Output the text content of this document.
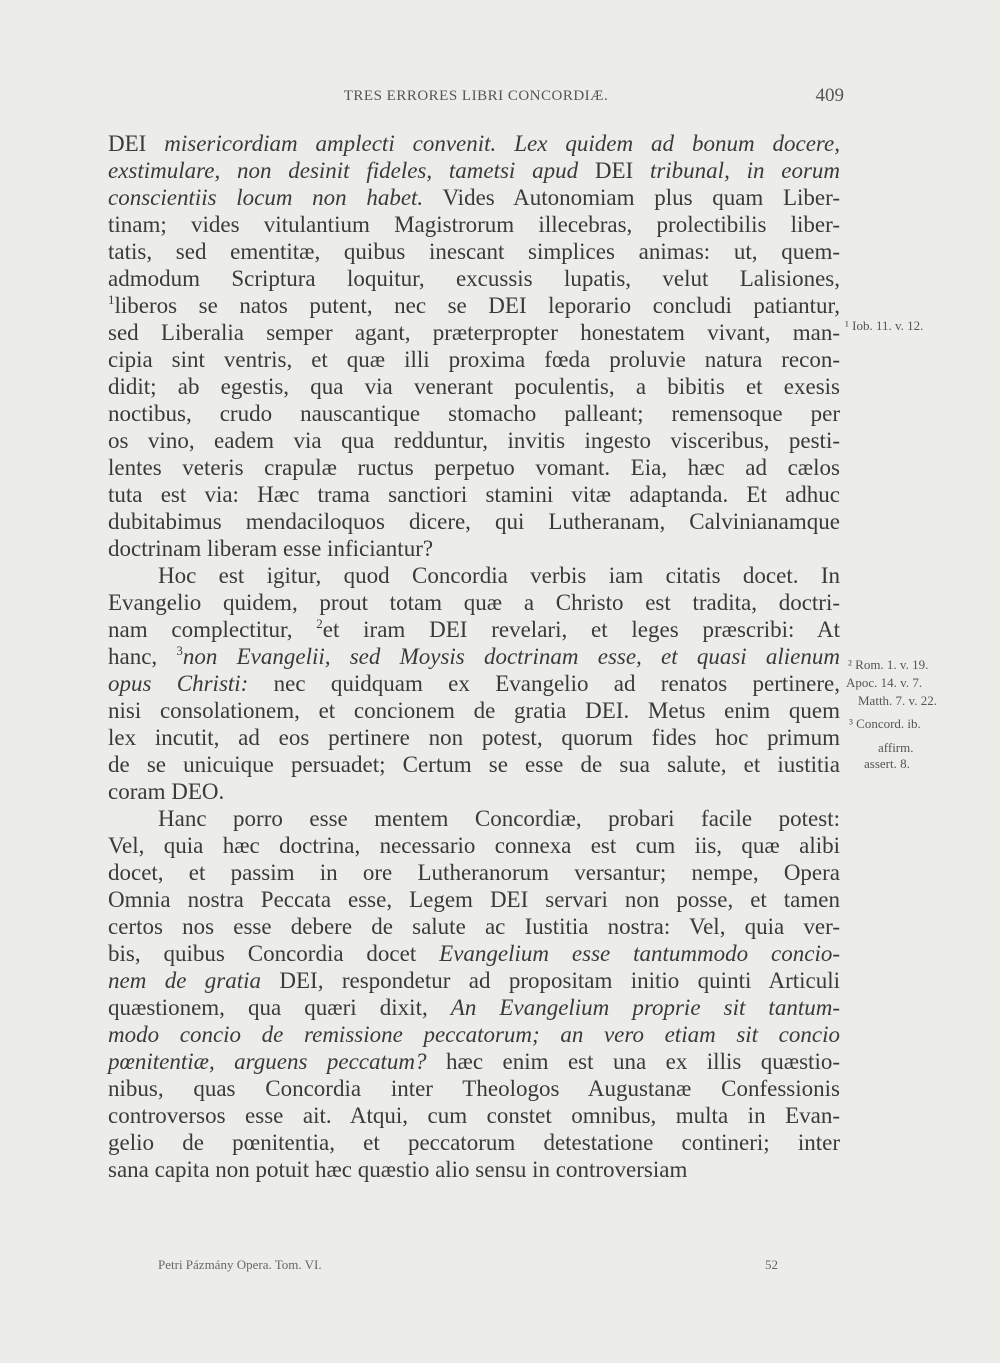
TRES ERRORES LIBRI CONCORDIÆ.	409
DEI misericordiam amplecti convenit. Lex quidem ad bonum docere,
exstimulare, non desinit fideles, tametsi apud DEI tribunal, in eorum
conscientiis locum non habet. Vides Autonomiam plus quam Liber-
tinam; vides vitulantium Magistrorum illecebras, prolectibilis liber-
tatis, sed ementitæ, quibus inescant simplices animas: ut, quem-
admodum Scriptura loquitur, excussis lupatis, velut Lalisiones,
$^1$liberos se natos putent, nec se DEI leporario concludi patiantur,
sed Liberalia semper agant, præterpropter honestatem vivant, man-
cipia sint ventris, et quæ illi proxima fœda proluvie natura recon-
didit; ab egestis, qua via venerant poculentis, a bibitis et exesis
noctibus, crudo nauscantique stomacho palleant; remensoque per
os vino, eadem via qua redduntur, invitis ingesto visceribus, pesti-
lentes veteris crapulæ ructus perpetuo vomant. Eia, hæc ad cælos
tuta est via: Hæc trama sanctiori stamini vitæ adaptanda. Et adhuc
dubitabimus mendaciloquos dicere, qui Lutheranam, Calvinianamque
doctrinam liberam esse inficiantur?
Hoc est igitur, quod Concordia verbis iam citatis docet. In
Evangelio quidem, prout totam quæ a Christo est tradita, doctri-
nam complectitur, $^2$et iram DEI revelari, et leges præscribi: At
hanc, $^3$non Evangelii, sed Moysis doctrinam esse, et quasi alienum
opus Christi: nec quidquam ex Evangelio ad renatos pertinere,
nisi consolationem, et concionem de gratia DEI. Metus enim quem
lex incutit, ad eos pertinere non potest, quorum fides hoc primum
de se unicuique persuadet; Certum se esse de sua salute, et iustitia
coram DEO.
Hanc porro esse mentem Concordiæ, probari facile potest:
Vel, quia hæc doctrina, necessario connexa est cum iis, quæ alibi
docet, et passim in ore Lutheranorum versantur; nempe, Opera
Omnia nostra Peccata esse, Legem DEI servari non posse, et tamen
certos nos esse debere de salute ac Iustitia nostra: Vel, quia ver-
bis, quibus Concordia docet Evangelium esse tantummodo concio-
nem de gratia DEI, respondetur ad propositam initio quinti Articuli
quæstionem, qua quæri dixit, An Evangelium proprie sit tantum-
modo concio de remissione peccatorum; an vero etiam sit concio
pœnitentiæ, arguens peccatum? hæc enim est una ex illis quæstio-
nibus, quas Concordia inter Theologos Augustanæ Confessionis
controversos esse ait. Atqui, cum constet omnibus, multa in Evan-
gelio de pœnitentia, et peccatorum detestatione contineri; inter
sana capita non potuit hæc quæstio alio sensu in controversiam
¹ Iob. 11. v. 12.
² Rom. 1. v. 19.
Apoc. 14. v. 7.
Matth. 7. v. 22.
³ Concord. ib.
affirm.
assert. 8.
Petri Pázmány Opera. Tom. VI.	52
